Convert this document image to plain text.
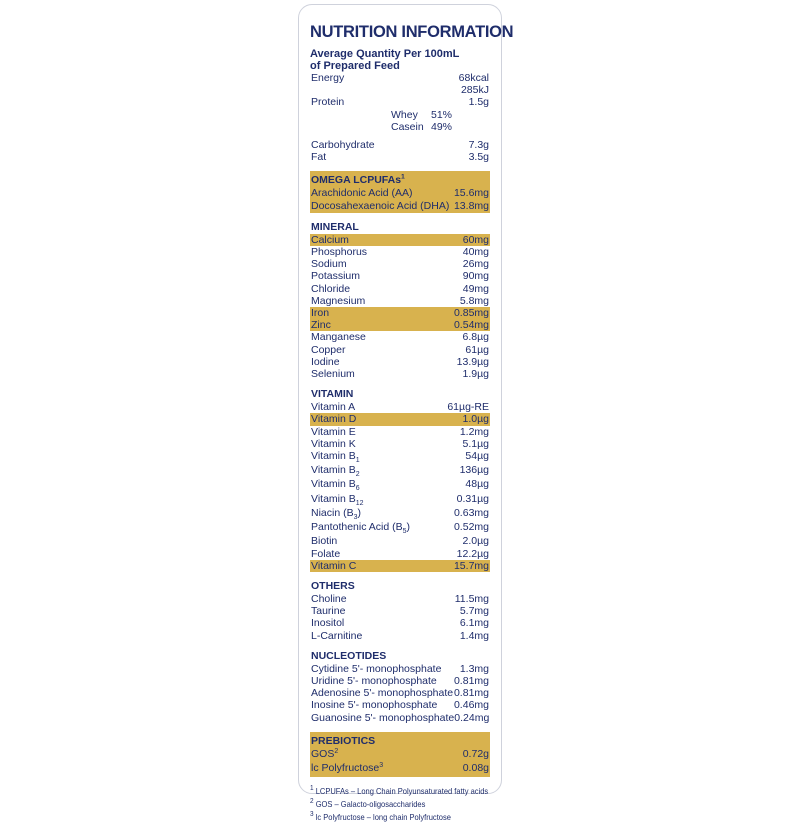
NUTRITION INFORMATION
Average Quantity Per 100mL
of Prepared Feed
Energy	68kcal
285kJ
Protein	1.5g
Whey	51%
Casein 49%
Carbohydrate	7.3g
Fat	3.5g
OMEGA LCPUFAs$^1$
Arachidonic Acid (AA)	15.6mg
Docosahexaenoic Acid (DHA) 13.8mg
MINERAL
Calcium	60mg
Phosphorus	40mg
Sodium	26mg
Potassium	90mg
Chloride	49mg
Magnesium	5.8mg
Iron	0.85mg
Zinc	0.54mg
Manganese	6.8µg
Copper	61µg
Iodine	13.9µg
Selenium	1.9µg
VITAMIN
Vitamin A	61µg-RE
Vitamin D	1.0µg
Vitamin E	1.2mg
Vitamin K	5.1µg
Vitamin $B_1$	54µg
Vitamin $B_2$	136µg
Vitamin $B_6$	48µg
Vitamin $B_{12}$	0.31µg
Niacin $(B_3)$	0.63mg
Pantothenic Acid $(B_5)$	0.52mg
Biotin	2.0µg
Folate	12.2µg
Vitamin C	15.7mg
OTHERS
Choline	11.5mg
Taurine	5.7mg
Inositol	6.1mg
L-Carnitine	1.4mg
NUCLEOTIDES
Cytidine 5'- monophosphate 1.3mg
Uridine 5'- monophosphate 0.81mg
Adenosine 5'- monophosphate 0.81mg
Inosine 5'- monophosphate 0.46mg
Guanosine 5'- monophosphate 0.24mg
PREBIOTICS
GOS$^2$	0.72g
lc Polyfructose$^3$	0.08g
1 LCPUFAs – Long Chain Polyunsaturated fatty acids
2 GOS – Galacto-oligosaccharides
3 lc Polyfructose – long chain Polyfructose
